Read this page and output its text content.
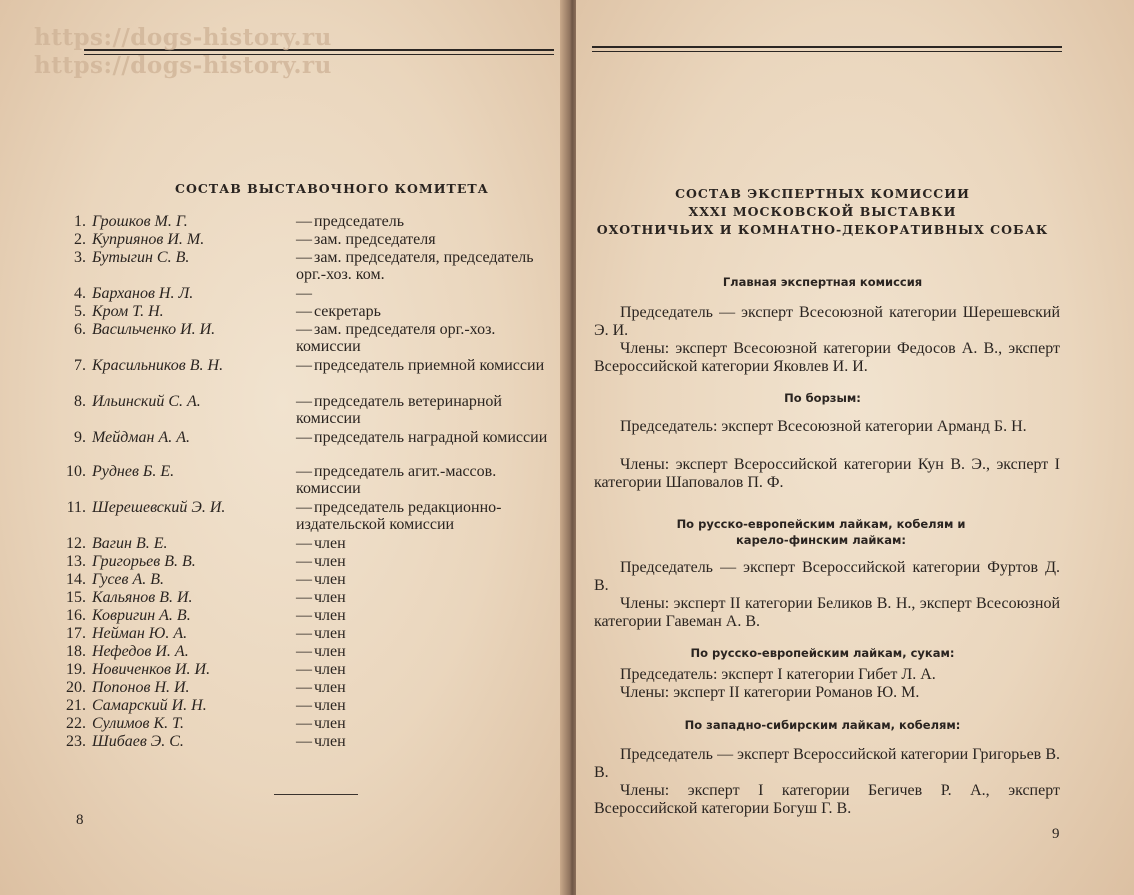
https://dogs-history.ru
https://dogs-history.ru
СОСТАВ ВЫСТАВОЧНОГО КОМИТЕТА
1. Грошков М. Г.	— председатель
2. Куприянов И. М.	— зам. председателя
3. Бутыгин С. В.	— зам. председателя, председатель орг.-хоз. ком.
4. Барханов Н. Л.	—
5. Кром Т. Н.	— секретарь
6. Васильченко И. И.	— зам. председателя орг.-хоз. комиссии
7. Красильников В. Н.	— председатель приемной комиссии
8. Ильинский С. А.	— председатель ветеринарной комиссии
9. Мейдман А. А.	— председатель наградной комиссии
10. Руднев Б. Е.	— председатель агит.-массов. комиссии
11. Шерешевский Э. И.	— председатель редакционно-издательской комиссии
12. Вагин В. Е.	— член
13. Григорьев В. В.	— член
14. Гусев А. В.	— член
15. Кальянов В. И.	— член
16. Ковригин А. В.	— член
17. Нейман Ю. А.	— член
18. Нефедов И. А.	— член
19. Новиченков И. И.	— член
20. Попонов Н. И.	— член
21. Самарский И. Н.	— член
22. Сулимов К. Т.	— член
23. Шибаев Э. С.	— член
8
СОСТАВ ЭКСПЕРТНЫХ КОМИССИИ
XXXI МОСКОВСКОЙ ВЫСТАВКИ
ОХОТНИЧЬИХ И КОМНАТНО-ДЕКОРАТИВНЫХ СОБАК
Главная экспертная комиссия
Председатель — эксперт Всесоюзной категории Шерешевский Э. И.
Члены: эксперт Всесоюзной категории Федосов А. В., эксперт Всероссийской категории Яковлев И. И.
По борзым:
Председатель: эксперт Всесоюзной категории Арманд Б. Н.
Члены: эксперт Всероссийской категории Кун В. Э., эксперт I категории Шаповалов П. Ф.
По русско-европейским лайкам, кобелям и карело-финским лайкам:
Председатель — эксперт Всероссийской категории Фуртов Д. В.
Члены: эксперт II категории Беликов В. Н., эксперт Всесоюзной категории Гавеман А. В.
По русско-европейским лайкам, сукам:
Председатель: эксперт I категории Гибет Л. А.
Члены: эксперт II категории Романов Ю. М.
По западно-сибирским лайкам, кобелям:
Председатель — эксперт Всероссийской категории Григорьев В. В.
Члены: эксперт I категории Бегичев Р. А., эксперт Всероссийской категории Богуш Г. В.
9
